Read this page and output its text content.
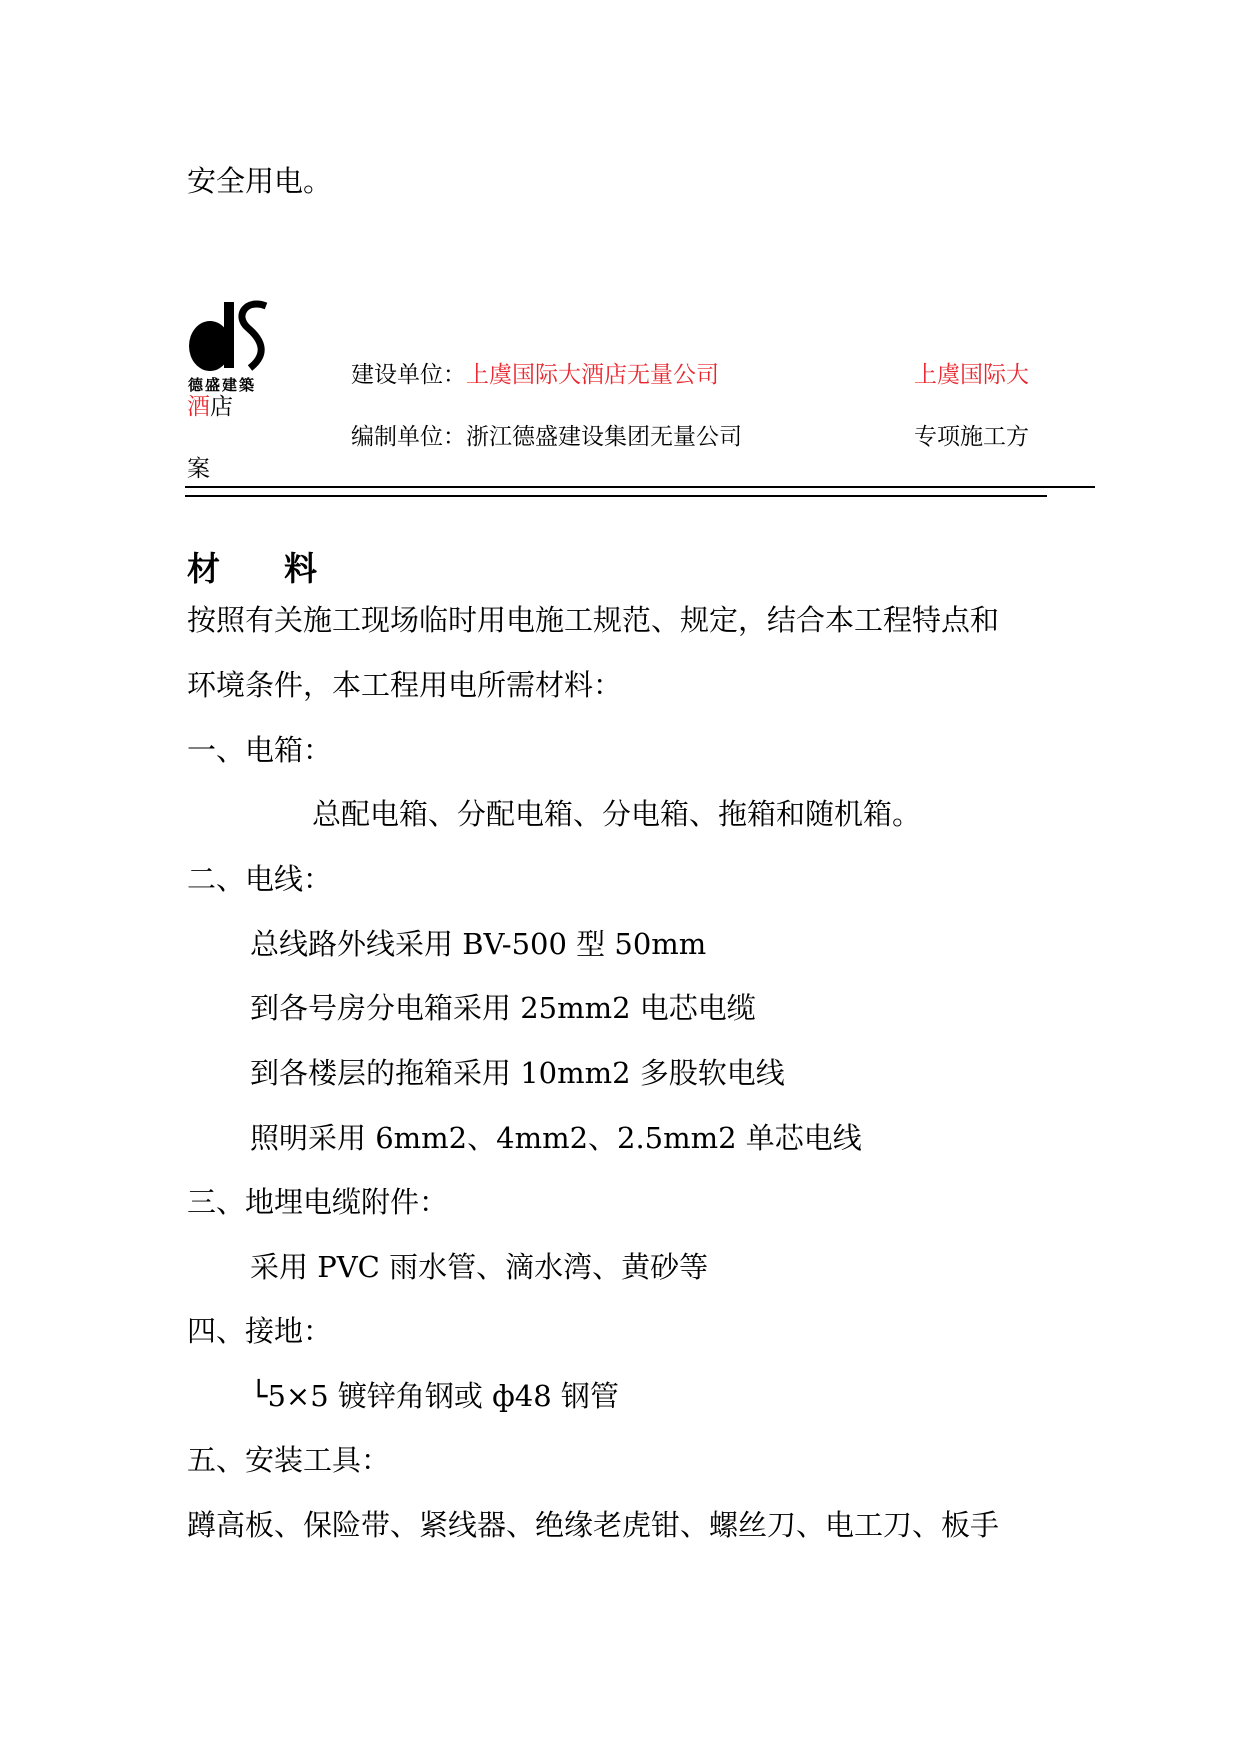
安全用电。
德盛建築	建设单位：上虞国际大酒店无量公司	上虞国际大
酒店
编制单位：浙江德盛建设集团无量公司	专项施工方
案
材 料
按照有关施工现场临时用电施工规范、规定，结合本工程特点和
环境条件，本工程用电所需材料：
一、电箱：
总配电箱、分配电箱、分电箱、拖箱和随机箱。
二、电线：
总线路外线采用 BV-500 型 50mm
到各号房分电箱采用 25mm2 电芯电缆
到各楼层的拖箱采用 10mm2 多股软电线
照明采用 6mm2、4mm2、2.5mm2 单芯电线
三、地埋电缆附件：
采用 PVC 雨水管、滴水湾、黄砂等
四、接地：
└5×5 镀锌角钢或 ф48 钢管
五、安装工具：
蹲高板、保险带、紧线器、绝缘老虎钳、螺丝刀、电工刀、板手
